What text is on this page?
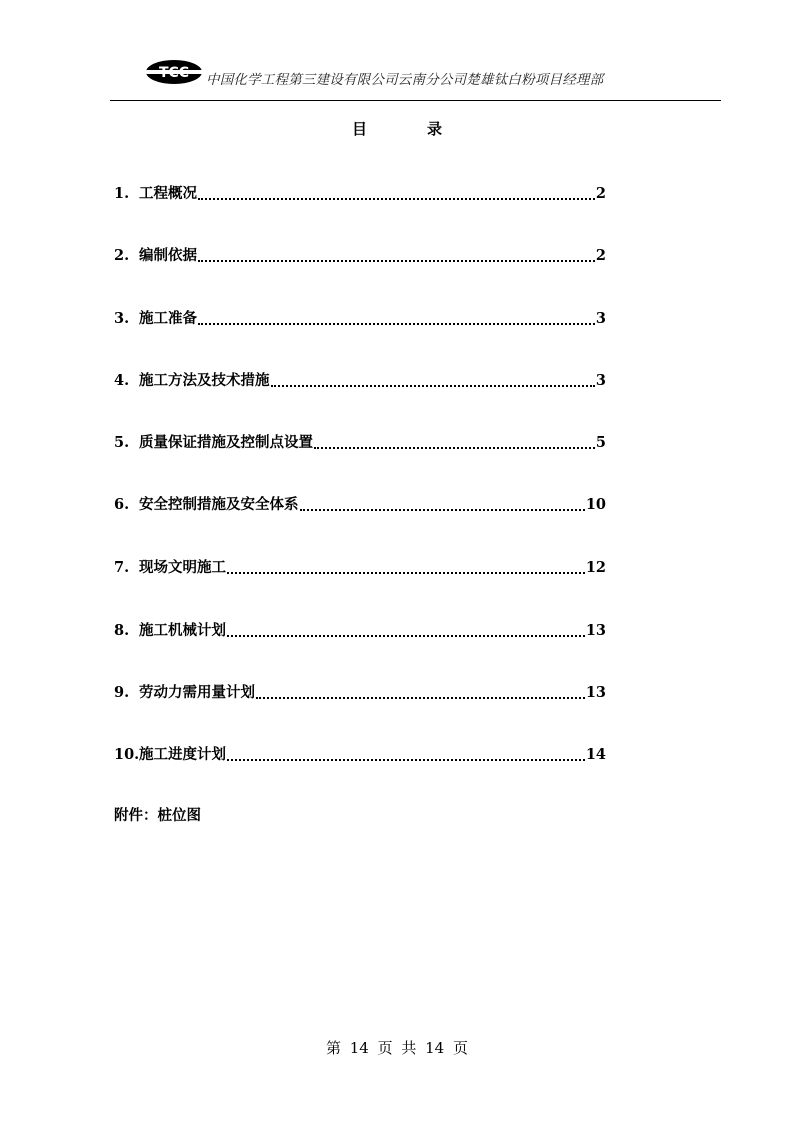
TCC 中国化学工程第三建设有限公司云南分公司楚雄钛白粉项目经理部
目	录
1. 工程概况	2
2. 编制依据	2
3. 施工准备	3
4. 施工方法及技术措施	3
5. 质量保证措施及控制点设置	5
6. 安全控制措施及安全体系	10
7. 现场文明施工	12
8. 施工机械计划	13
9. 劳动力需用量计划	13
10. 施工进度计划	14
附件：桩位图
第 14 页 共 14 页
